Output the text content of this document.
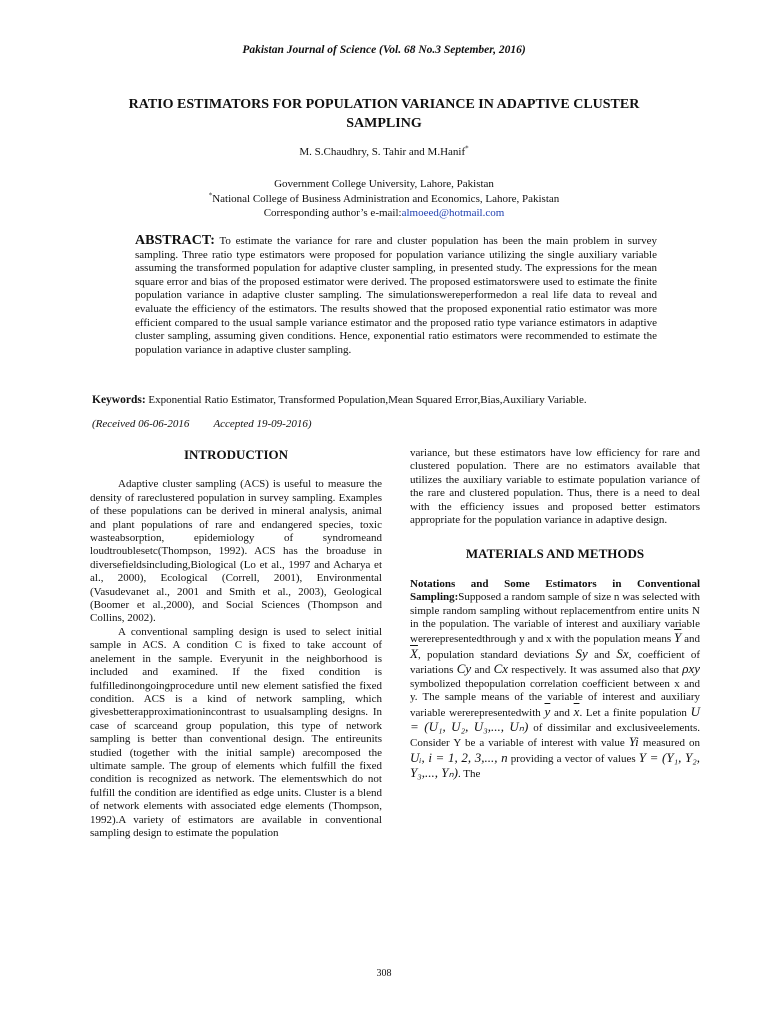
Pakistan Journal of Science (Vol. 68 No.3 September, 2016)
RATIO ESTIMATORS FOR POPULATION VARIANCE IN ADAPTIVE CLUSTER SAMPLING
M. S.Chaudhry, S. Tahir and M.Hanif*
Government College University, Lahore, Pakistan
*National College of Business Administration and Economics, Lahore, Pakistan
Corresponding author’s e-mail:almoeed@hotmail.com
ABSTRACT: To estimate the variance for rare and cluster population has been the main problem in survey sampling. Three ratio type estimators were proposed for population variance utilizing the single auxiliary variable assuming the transformed population for adaptive cluster sampling, in presented study. The expressions for the mean square error and bias of the proposed estimator were derived. The proposed estimatorswere used to estimate the finite population variance in adaptive cluster sampling. The simulationswereperformedon a real life data to reveal and evaluate the efficiency of the estimators. The results showed that the proposed exponential ratio estimator was more efficient compared to the usual sample variance estimator and the proposed ratio type variance estimators in adaptive cluster sampling, assuming given conditions. Hence, exponential ratio estimators were recommended to estimate the population variance in adaptive cluster sampling.
Keywords: Exponential Ratio Estimator, Transformed Population,Mean Squared Error,Bias,Auxiliary Variable.
(Received 06-06-2016 Accepted 19-09-2016)
INTRODUCTION

Adaptive cluster sampling (ACS) is useful to measure the density of rareclustered population in survey sampling. Examples of these populations can be derived in mineral analysis, animal and plant populations of rare and endangered species, toxic wasteabsorption, epidemiology of syndromeand loudtroublesetc(Thompson, 1992). ACS has the broaduse in diversefieldsincluding,Biological (Lo et al., 1997 and Acharya et al., 2000), Ecological (Correll, 2001), Environmental (Vasudevanet al., 2001 and Smith et al., 2003), Geological (Boomer et al.,2000), and Social Sciences (Thompson and Collins, 2002).

A conventional sampling design is used to select initial sample in ACS. A condition C is fixed to take account of anelement in the sample. Everyunit in the neighborhood is included and examined. If the fixed condition is fulfilledinongoingprocedure until new element satisfied the fixed condition. ACS is a kind of network sampling, which givesbetterapproximationincontrast to usualsampling designs. In case of scarceand group population, this type of network sampling is better than conventional design. The entireunits studied (together with the initial sample) arecomposed the ultimate sample. The group of elements which fulfill the fixed condition is recognized as network. The elementswhich do not fulfill the condition are identified as edge units. Cluster is a blend of network elements with associated edge elements (Thompson, 1992).A variety of estimators are available in conventional sampling design to estimate the population

variance, but these estimators have low efficiency for rare and clustered population. There are no estimators available that utilizes the auxiliary variable to estimate population variance of the rare and clustered population. Thus, there is a need to deal with the efficiency issues and proposed better estimators appropriate for the population variance in adaptive design.

MATERIALS AND METHODS

Notations and Some Estimators in Conventional Sampling:Supposed a random sample of size n was selected with simple random sampling without replacementfrom entire units N in the population. The variable of interest and auxiliary variable wererepresentedthrough y and x with the population means $\overline{Y}$ and $\overline{X}$, population standard deviations Sy and Sx, coefficient of variations Cy and Cx respectively. It was assumed also that ρxy symbolized thepopulation correlation coefficient between x and y. The sample means of the variable of interest and auxiliary variable wererepresentedwith $\overline{y}$ and $\overline{x}$. Let a finite population U = (U₁, U₂, U₃,..., Uₙ) of dissimilar and exclusiveelements. Consider Y be a variable of interest with value Yi measured on Uᵢ, i = 1, 2, 3,..., n providing a vector of values Y = (Y₁, Y₂, Y₃,..., Yₙ). The

308
